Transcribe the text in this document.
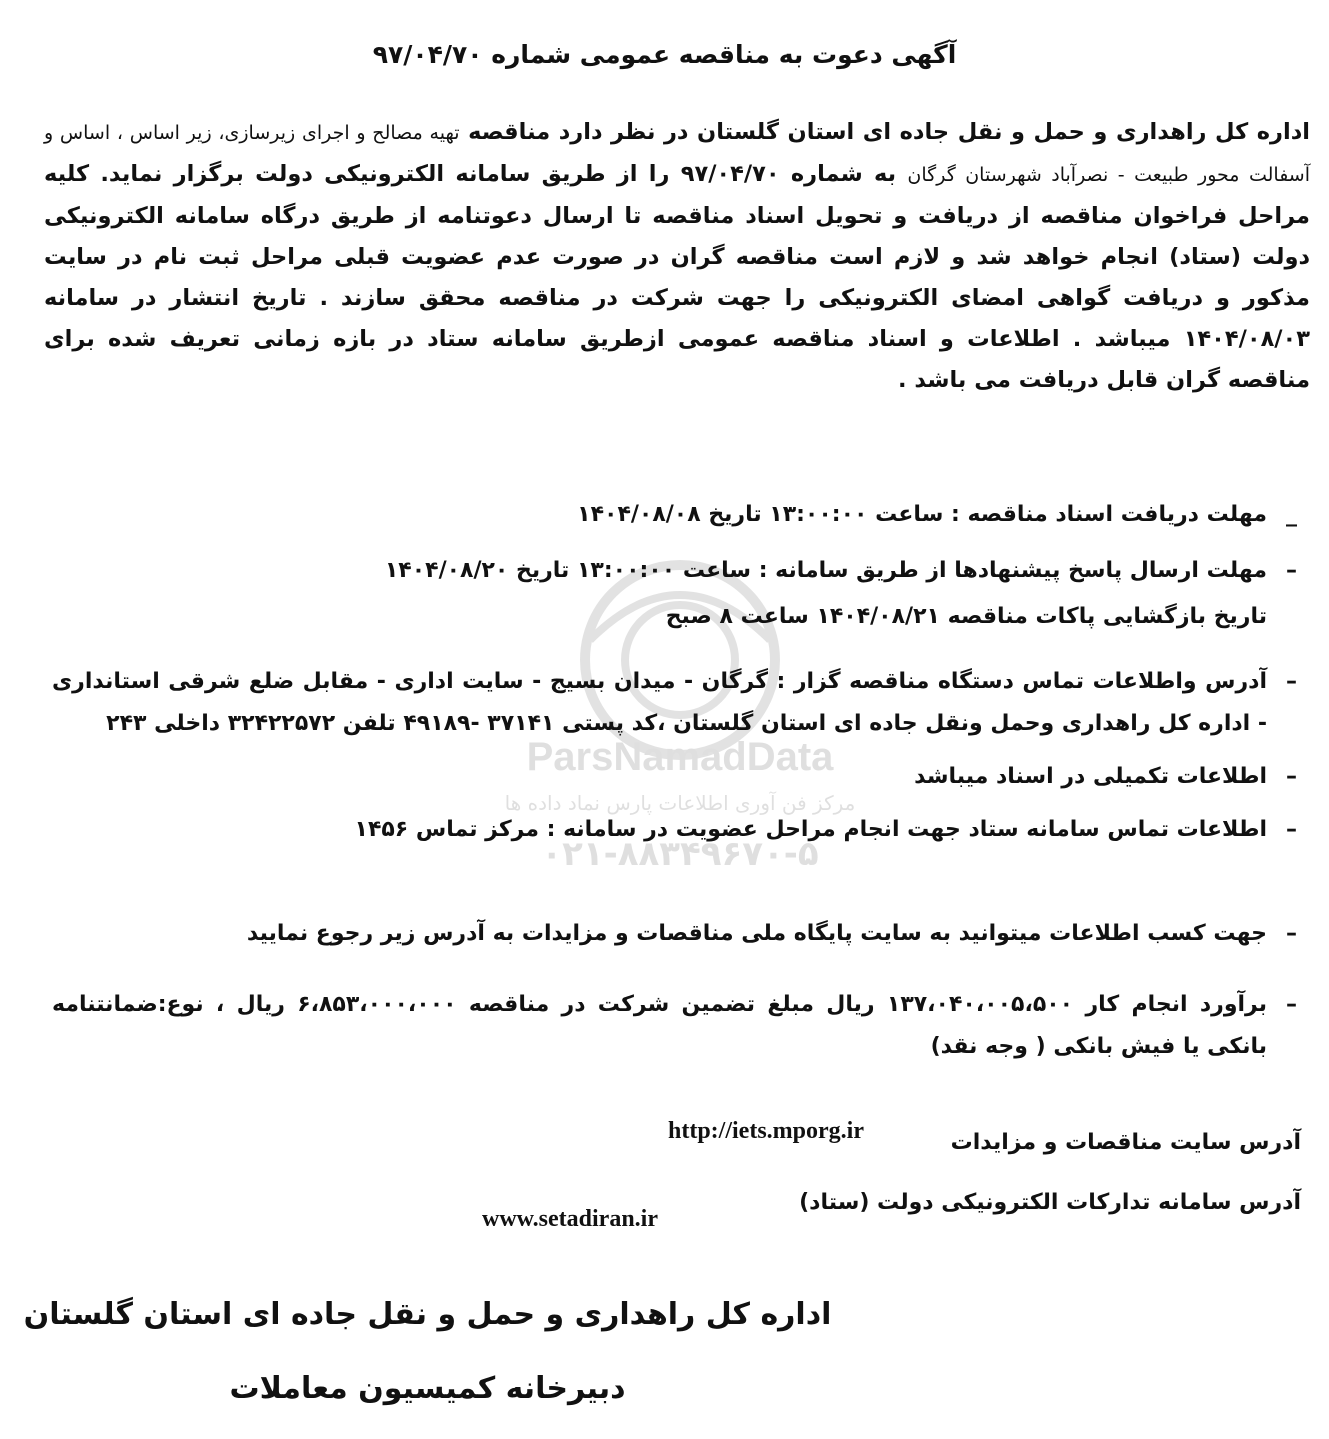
ParsNamadData
مرکز فن آوری اطلاعات پارس نماد داده ها
۰۲۱-۸۸۳۴۹۶۷۰-۵
آگهی دعوت به مناقصه عمومی شماره ۹۷/۰۴/۷۰
اداره کل راهداری و حمل و نقل جاده ای استان گلستان در نظر دارد مناقصه تهیه مصالح و اجرای زیرسازی، زیر اساس ، اساس و آسفالت محور طبیعت - نصرآباد شهرستان گرگان به شماره ۹۷/۰۴/۷۰ را از طریق سامانه الکترونیکی دولت برگزار نماید. کلیه مراحل فراخوان مناقصه از دریافت و تحویل اسناد مناقصه تا ارسال دعوتنامه از طریق درگاه سامانه الکترونیکی دولت (ستاد) انجام خواهد شد و لازم است مناقصه گران در صورت عدم عضویت قبلی مراحل ثبت نام در سایت مذکور و دریافت گواهی امضای الکترونیکی را جهت شرکت در مناقصه محقق سازند . تاریخ انتشار در سامانه ۱۴۰۴/۰۸/۰۳ میباشد . اطلاعات و اسناد مناقصه عمومی ازطریق سامانه ستاد در بازه زمانی تعریف شده برای مناقصه گران قابل دریافت می باشد .
_
مهلت دریافت اسناد مناقصه : ساعت ۱۳:۰۰:۰۰ تاریخ ۱۴۰۴/۰۸/۰۸
–
مهلت ارسال پاسخ پیشنهادها از طریق سامانه : ساعت ۱۳:۰۰:۰۰ تاریخ ۱۴۰۴/۰۸/۲۰
تاریخ بازگشایی پاکات مناقصه ۱۴۰۴/۰۸/۲۱ ساعت ۸ صبح
–
آدرس واطلاعات تماس دستگاه مناقصه گزار : گرگان - میدان بسیج - سایت اداری - مقابل ضلع شرقی استانداری - اداره کل راهداری وحمل ونقل جاده ای استان گلستان ،کد پستی ۳۷۱۴۱ -۴۹۱۸۹ تلفن ۳۲۴۲۲۵۷۲ داخلی ۲۴۳
–
اطلاعات تکمیلی در اسناد میباشد
–
اطلاعات تماس سامانه ستاد جهت انجام مراحل عضویت در سامانه : مرکز تماس ۱۴۵۶
–
جهت کسب اطلاعات میتوانید به سایت پایگاه ملی مناقصات و مزایدات به آدرس زیر رجوع نمایید
–
برآورد انجام کار ۱۳۷،۰۴۰،۰۰۵،۵۰۰ ریال مبلغ تضمین شرکت در مناقصه ۶،۸۵۳،۰۰۰،۰۰۰ ریال ، نوع:ضمانتنامه بانکی یا فیش بانکی ( وجه نقد)
آدرس سایت مناقصات و مزایدات
http://iets.mporg.ir
آدرس سامانه تدارکات الکترونیکی دولت (ستاد)
www.setadiran.ir
اداره کل راهداری و حمل و نقل جاده ای استان گلستان
دبیرخانه کمیسیون معاملات
